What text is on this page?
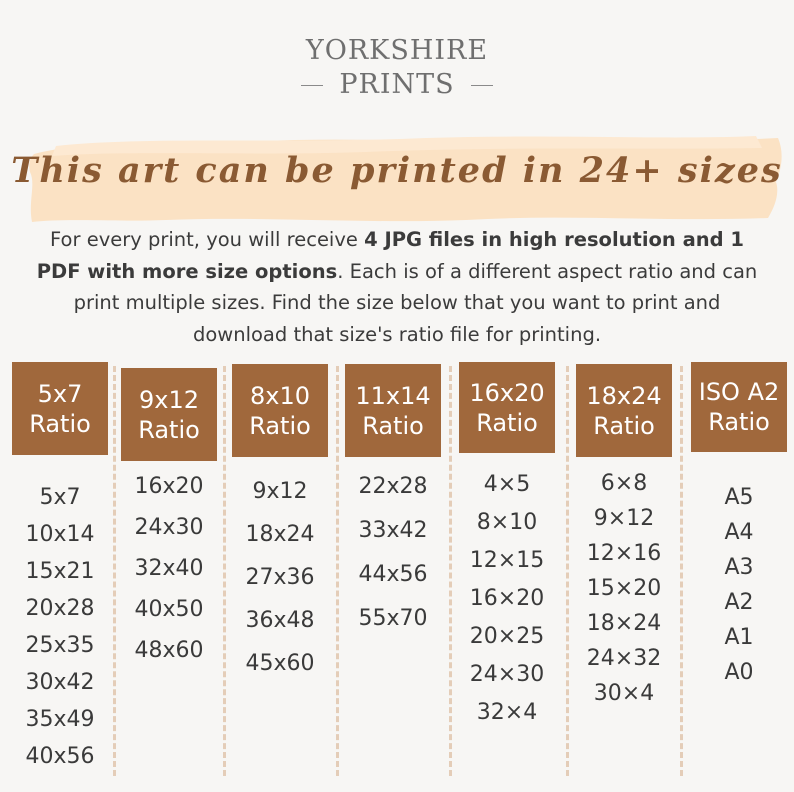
YORKSHIRE
PRINTS
This art can be printed in 24+ sizes
For every print, you will receive 4 JPG files in high resolution and 1 PDF with more size options. Each is of a different aspect ratio and can print multiple sizes. Find the size below that you want to print and download that size's ratio file for printing.
5x7
Ratio
5x7
10x14
15x21
20x28
25x35
30x42
35x49
40x56
9x12
Ratio
16x20
24x30
32x40
40x50
48x60
8x10
Ratio
9x12
18x24
27x36
36x48
45x60
11x14
Ratio
22x28
33x42
44x56
55x70
16x20
Ratio
4×5
8×10
12×15
16×20
20×25
24×30
32×4
18x24
Ratio
6×8
9×12
12×16
15×20
18×24
24×32
30×4
ISO A2
Ratio
A5
A4
A3
A2
A1
A0
